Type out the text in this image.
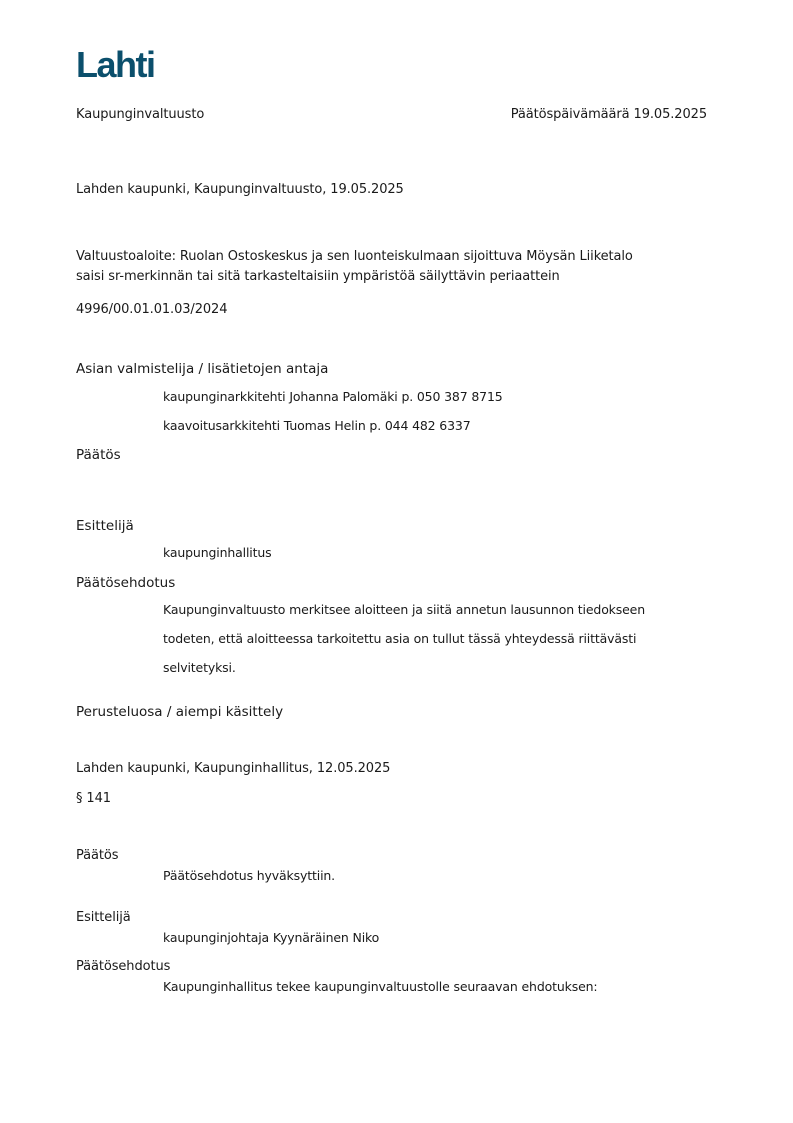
Lahti
Kaupunginvaltuusto	Päätöspäivämäärä 19.05.2025
Lahden kaupunki, Kaupunginvaltuusto, 19.05.2025
Valtuustoaloite: Ruolan Ostoskeskus ja sen luonteiskulmaan sijoittuva Möysän Liiketalo
saisi sr-merkinnän tai sitä tarkasteltaisiin ympäristöä säilyttävin periaattein
4996/00.01.01.03/2024
Asian valmistelija / lisätietojen antaja
kaupunginarkkitehti Johanna Palomäki p. 050 387 8715
kaavoitusarkkitehti Tuomas Helin p. 044 482 6337
Päätös
Esittelijä
kaupunginhallitus
Päätösehdotus
Kaupunginvaltuusto merkitsee aloitteen ja siitä annetun lausunnon tiedokseen
todeten, että aloitteessa tarkoitettu asia on tullut tässä yhteydessä riittävästi
selvitetyksi.
Perusteluosa / aiempi käsittely
Lahden kaupunki, Kaupunginhallitus, 12.05.2025
§ 141
Päätös
Päätösehdotus hyväksyttiin.
Esittelijä
kaupunginjohtaja Kyynäräinen Niko
Päätösehdotus
Kaupunginhallitus tekee kaupunginvaltuustolle seuraavan ehdotuksen:
